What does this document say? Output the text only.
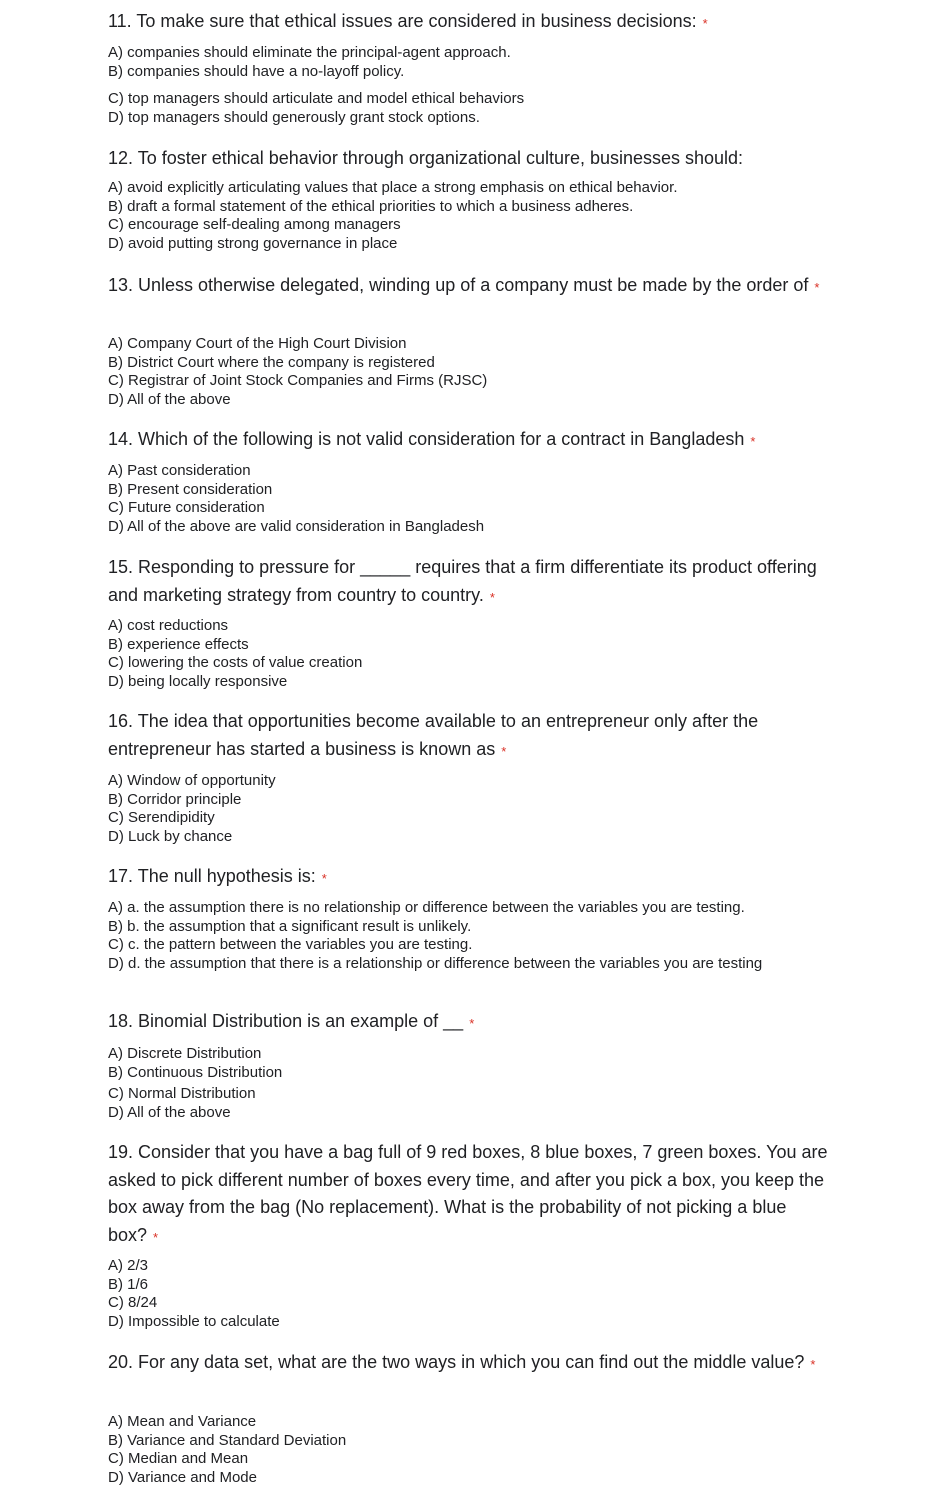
11. To make sure that ethical issues are considered in business decisions: *
A) companies should eliminate the principal-agent approach.
B) companies should have a no-layoff policy.
C) top managers should articulate and model ethical behaviors
D) top managers should generously grant stock options.
12. To foster ethical behavior through organizational culture, businesses should:
A) avoid explicitly articulating values that place a strong emphasis on ethical behavior.
B) draft a formal statement of the ethical priorities to which a business adheres.
C) encourage self-dealing among managers
D) avoid putting strong governance in place
13. Unless otherwise delegated, winding up of a company must be made by the order of *
A) Company Court of the High Court Division
B) District Court where the company is registered
C) Registrar of Joint Stock Companies and Firms (RJSC)
D) All of the above
14. Which of the following is not valid consideration for a contract in Bangladesh *
A) Past consideration
B) Present consideration
C) Future consideration
D) All of the above are valid consideration in Bangladesh
15. Responding to pressure for _____ requires that a firm differentiate its product offering and marketing strategy from country to country. *
A) cost reductions
B) experience effects
C) lowering the costs of value creation
D) being locally responsive
16. The idea that opportunities become available to an entrepreneur only after the entrepreneur has started a business is known as *
A) Window of opportunity
B) Corridor principle
C) Serendipidity
D) Luck by chance
17. The null hypothesis is: *
A) a. the assumption there is no relationship or difference between the variables you are testing.
B) b. the assumption that a significant result is unlikely.
C) c. the pattern between the variables you are testing.
D) d. the assumption that there is a relationship or difference between the variables you are testing
18. Binomial Distribution is an example of __ *
A) Discrete Distribution
B) Continuous Distribution
C) Normal Distribution
D) All of the above
19. Consider that you have a bag full of 9 red boxes, 8 blue boxes, 7 green boxes. You are asked to pick different number of boxes every time, and after you pick a box, you keep the box away from the bag (No replacement). What is the probability of not picking a blue box? *
A) 2/3
B) 1/6
C) 8/24
D) Impossible to calculate
20. For any data set, what are the two ways in which you can find out the middle value? *
A) Mean and Variance
B) Variance and Standard Deviation
C) Median and Mean
D) Variance and Mode
